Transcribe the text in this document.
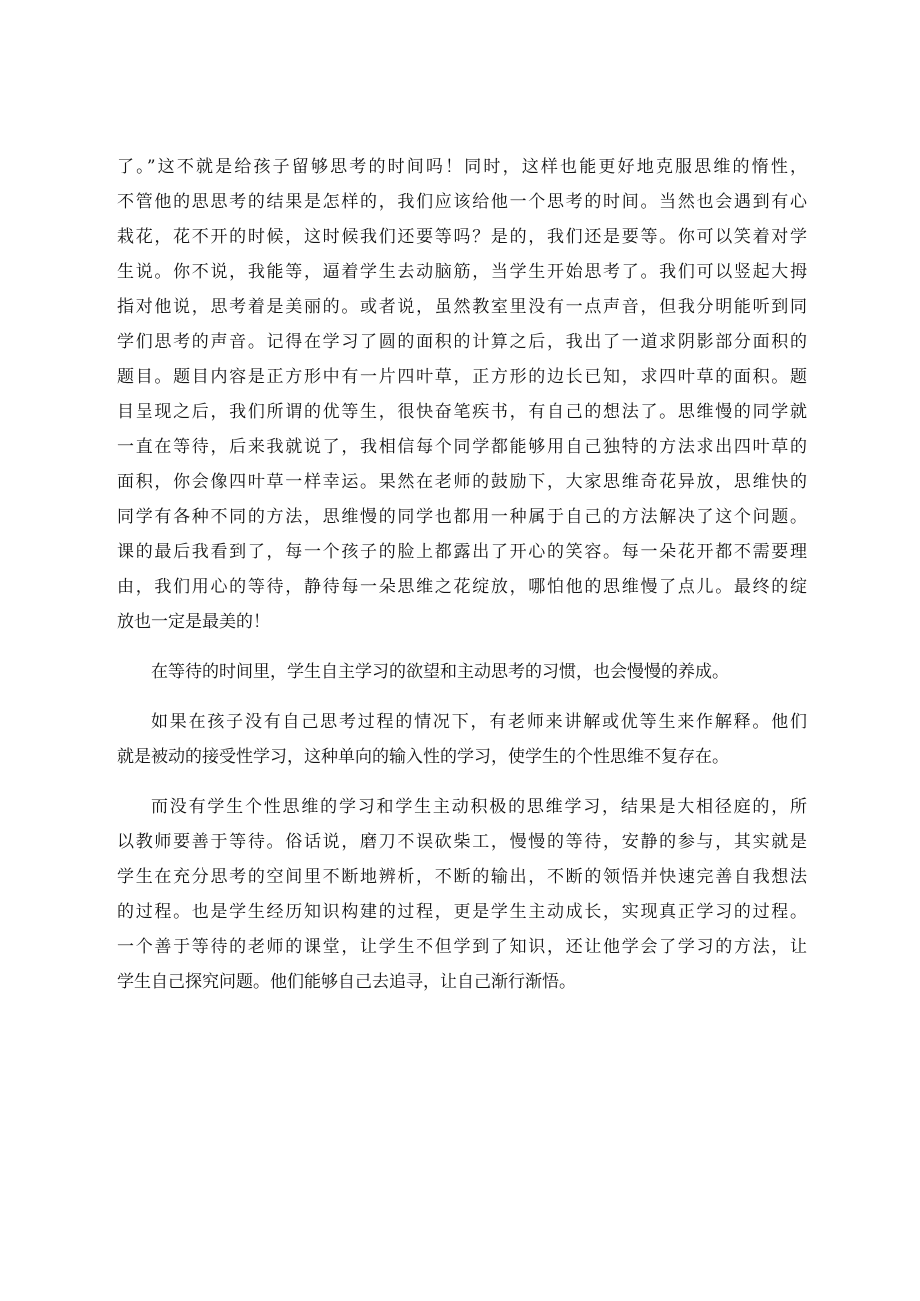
了。”这不就是给孩子留够思考的时间吗！同时，这样也能更好地克服思维的惰性，
不管他的思思考的结果是怎样的，我们应该给他一个思考的时间。当然也会遇到有心
栽花，花不开的时候，这时候我们还要等吗？是的，我们还是要等。你可以笑着对学
生说。你不说，我能等，逼着学生去动脑筋，当学生开始思考了。我们可以竖起大拇
指对他说，思考着是美丽的。或者说，虽然教室里没有一点声音，但我分明能听到同
学们思考的声音。记得在学习了圆的面积的计算之后，我出了一道求阴影部分面积的
题目。题目内容是正方形中有一片四叶草，正方形的边长已知，求四叶草的面积。题
目呈现之后，我们所谓的优等生，很快奋笔疾书，有自己的想法了。思维慢的同学就
一直在等待，后来我就说了，我相信每个同学都能够用自己独特的方法求出四叶草的
面积，你会像四叶草一样幸运。果然在老师的鼓励下，大家思维奇花异放，思维快的
同学有各种不同的方法，思维慢的同学也都用一种属于自己的方法解决了这个问题。
课的最后我看到了，每一个孩子的脸上都露出了开心的笑容。每一朵花开都不需要理
由，我们用心的等待，静待每一朵思维之花绽放，哪怕他的思维慢了点儿。最终的绽
放也一定是最美的！
在等待的时间里，学生自主学习的欲望和主动思考的习惯，也会慢慢的养成。
如果在孩子没有自己思考过程的情况下，有老师来讲解或优等生来作解释。他们
就是被动的接受性学习，这种单向的输入性的学习，使学生的个性思维不复存在。
而没有学生个性思维的学习和学生主动积极的思维学习，结果是大相径庭的，所
以教师要善于等待。俗话说，磨刀不误砍柴工，慢慢的等待，安静的参与，其实就是
学生在充分思考的空间里不断地辨析，不断的输出，不断的领悟并快速完善自我想法
的过程。也是学生经历知识构建的过程，更是学生主动成长，实现真正学习的过程。
一个善于等待的老师的课堂，让学生不但学到了知识，还让他学会了学习的方法，让
学生自己探究问题。他们能够自己去追寻，让自己渐行渐悟。
